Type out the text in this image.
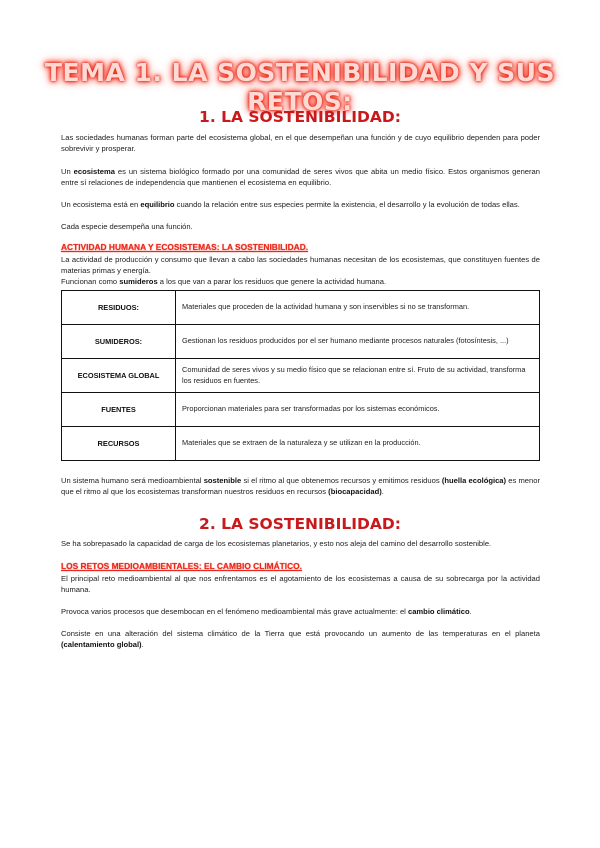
TEMA 1. LA SOSTENIBILIDAD Y SUS RETOS:
1. LA SOSTENIBILIDAD:
Las sociedades humanas forman parte del ecosistema global, en el que desempeñan una función y de cuyo equilibrio dependen para poder sobrevivir y prosperar.
Un ecosistema es un sistema biológico formado por una comunidad de seres vivos que abita un medio físico. Estos organismos generan entre sí relaciones de independencia que mantienen el ecosistema en equilibrio.
Un ecosistema está en equilibrio cuando la relación entre sus especies permite la existencia, el desarrollo y la evolución de todas ellas.
Cada especie desempeña una función.
ACTIVIDAD HUMANA Y ECOSISTEMAS: LA SOSTENIBILIDAD.
La actividad de producción y consumo que llevan a cabo las sociedades humanas necesitan de los ecosistemas, que constituyen fuentes de materias primas y energía.
Funcionan como sumideros a los que van a parar los residuos que genere la actividad humana.
RESIDUOS:	Materiales que proceden de la actividad humana y son inservibles si no se transforman.
SUMIDEROS:	Gestionan los residuos producidos por el ser humano mediante procesos naturales (fotosíntesis, ...)
ECOSISTEMA GLOBAL	Comunidad de seres vivos y su medio físico que se relacionan entre sí. Fruto de su actividad, transforma los residuos en fuentes.
FUENTES	Proporcionan materiales para ser transformadas por los sistemas económicos.
RECURSOS	Materiales que se extraen de la naturaleza y se utilizan en la producción.
Un sistema humano será medioambiental sostenible si el ritmo al que obtenemos recursos y emitimos residuos (huella ecológica) es menor que el ritmo al que los ecosistemas transforman nuestros residuos en recursos (biocapacidad).
2. LA SOSTENIBILIDAD:
Se ha sobrepasado la capacidad de carga de los ecosistemas planetarios, y esto nos aleja del camino del desarrollo sostenible.
LOS RETOS MEDIOAMBIENTALES: EL CAMBIO CLIMÁTICO.
El principal reto medioambiental al que nos enfrentamos es el agotamiento de los ecosistemas a causa de su sobrecarga por la actividad humana.
Provoca varios procesos que desembocan en el fenómeno medioambiental más grave actualmente: el cambio climático.
Consiste en una alteración del sistema climático de la Tierra que está provocando un aumento de las temperaturas en el planeta (calentamiento global).
